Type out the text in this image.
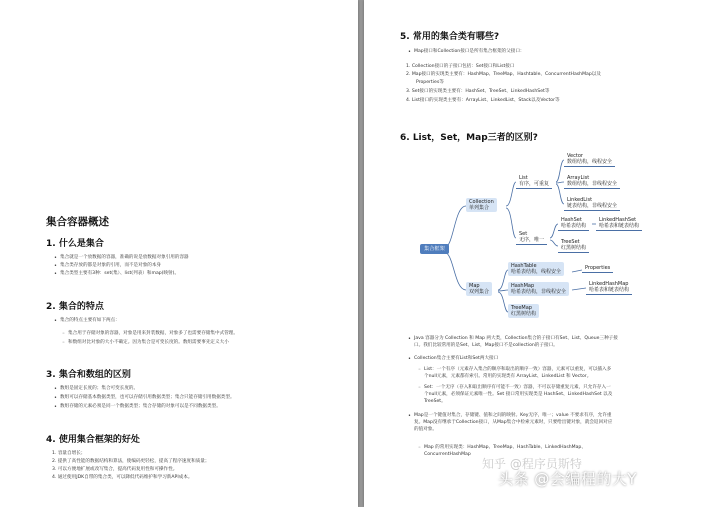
集合容器概述
1. 什么是集合
• 集合就是一个放数据的容器，准确的说是放数据对象引用的容器
• 集合类存放的都是对象的引用，而不是对象的本身
• 集合类型主要有3种：set(集）、list(列表）和map(映射)。
2. 集合的特点
• 集合的特点主要有如下两点：
◦ 集合用于存储对象的容器，对象是用来封装数据，对象多了也需要存储集中式管理。
◦ 和数组对比对象的大小不确定。因为集合是可变长度的。数组需要事先定义大小
3. 集合和数组的区别
• 数组是固定长度的；集合可变长度的。
• 数组可以存储基本数据类型，也可以存储引用数据类型；集合只能存储引用数据类型。
• 数组存储的元素必须是同一个数据类型；集合存储的对象可以是不同数据类型。
4. 使用集合框架的好处
1. 容量自增长；
2. 提供了高性能的数据结构和算法，使编码更轻松，提高了程序速度和质量；
3. 可以方便地扩展或改写集合，提高代码复用性和可操作性。
4. 通过使用JDK自带的集合类，可以降低代码维护和学习新API成本。
5. 常用的集合类有哪些?
• Map接口和Collection接口是所有集合框架的父接口：
1. Collection接口的子接口包括：Set接口和List接口
2. Map接口的实现类主要有：HashMap、TreeMap、Hashtable、ConcurrentHashMap以及
Properties等
3. Set接口的实现类主要有：HashSet、TreeSet、LinkedHashSet等
4. List接口的实现类主要有：ArrayList、LinkedList、Stack以及Vector等
6. List，Set，Map三者的区别?
• Java 容器分为 Collection 和 Map 两大类，Collection集合的子接口有Set、List、Queue三种子接
口。我们比较常用的是Set、List，Map接口不是collection的子接口。
• Collection集合主要有List和Set两大接口
◦ List：一个有序（元素存入集合的顺序和取出的顺序一致）容器，元素可以重复，可以插入多
个null元素，元素都有索引。常用的实现类有 ArrayList、LinkedList 和 Vector。
◦ Set：一个无序（存入和取出顺序有可能不一致）容器，不可以存储重复元素，只允许存入一
个null元素，必须保证元素唯一性。Set 接口常用实现类是 HashSet、LinkedHashSet 以及
TreeSet。
• Map是一个键值对集合，存储键、值和之间的映射。Key无序，唯一；value 不要求有序，允许重
复。Map没有继承于Collection接口，从Map集合中检索元素时，只要给出键对象，就会返回对应
的值对象。
◦ Map 的常用实现类：HashMap、TreeMap、HashTable、LinkedHashMap、
ConcurrentHashMap
集合框架
Collection
单列集合
List
有序，可重复
Vector
数组结构，线程安全
ArrayList
数组结构，非线程安全
LinkedList
链表结构，非线程安全
Set
无序，唯一
HashSet
哈希表结构
LinkedHashSet
哈希表和链表结构
TreeSet
红黑树结构
Map
双列集合
HashTable
哈希表结构，线程安全
Properties
HashMap
哈希表结构，非线程安全
LinkedHashMap
哈希表和链表结构
TreeMap
红黑树结构
知乎 @程序员斯特
头条 @会编程的大Y
